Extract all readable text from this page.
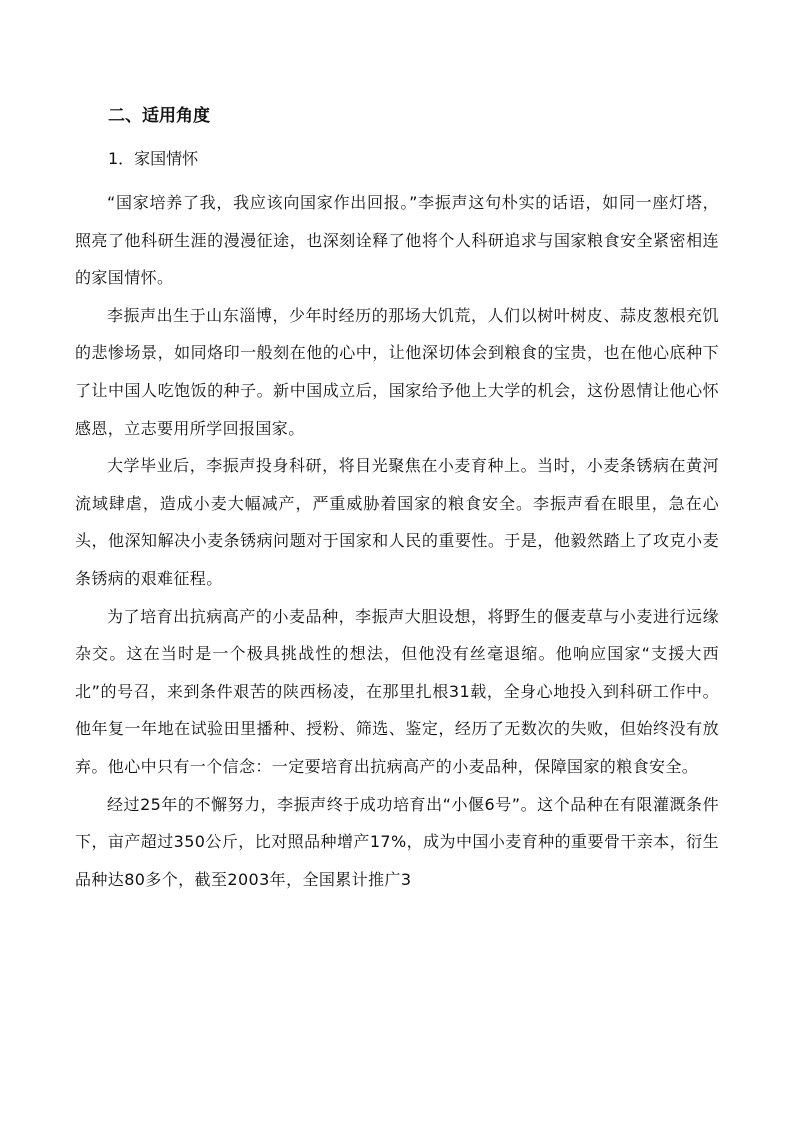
二、适用角度
1．家国情怀

“国家培养了我，我应该向国家作出回报。”李振声这句朴实的话语，如同一座灯塔，照亮了他科研生涯的漫漫征途，也深刻诠释了他将个人科研追求与国家粮食安全紧密相连的家国情怀。

李振声出生于山东淄博，少年时经历的那场大饥荒，人们以树叶树皮、蒜皮葱根充饥的悲惨场景，如同烙印一般刻在他的心中，让他深切体会到粮食的宝贵，也在他心底种下了让中国人吃饱饭的种子。新中国成立后，国家给予他上大学的机会，这份恩情让他心怀感恩，立志要用所学回报国家。

大学毕业后，李振声投身科研，将目光聚焦在小麦育种上。当时，小麦条锈病在黄河流域肆虐，造成小麦大幅减产，严重威胁着国家的粮食安全。李振声看在眼里，急在心头，他深知解决小麦条锈病问题对于国家和人民的重要性。于是，他毅然踏上了攻克小麦条锈病的艰难征程。

为了培育出抗病高产的小麦品种，李振声大胆设想，将野生的偃麦草与小麦进行远缘杂交。这在当时是一个极具挑战性的想法，但他没有丝毫退缩。他响应国家“支援大西北”的号召，来到条件艰苦的陕西杨凌，在那里扎根31载，全身心地投入到科研工作中。他年复一年地在试验田里播种、授粉、筛选、鉴定，经历了无数次的失败，但始终没有放弃。他心中只有一个信念：一定要培育出抗病高产的小麦品种，保障国家的粮食安全。

经过25年的不懈努力，李振声终于成功培育出“小偃6号”。这个品种在有限灌溉条件下，亩产超过350公斤，比对照品种增产17%，成为中国小麦育种的重要骨干亲本，衍生品种达80多个，截至2003年，全国累计推广3
